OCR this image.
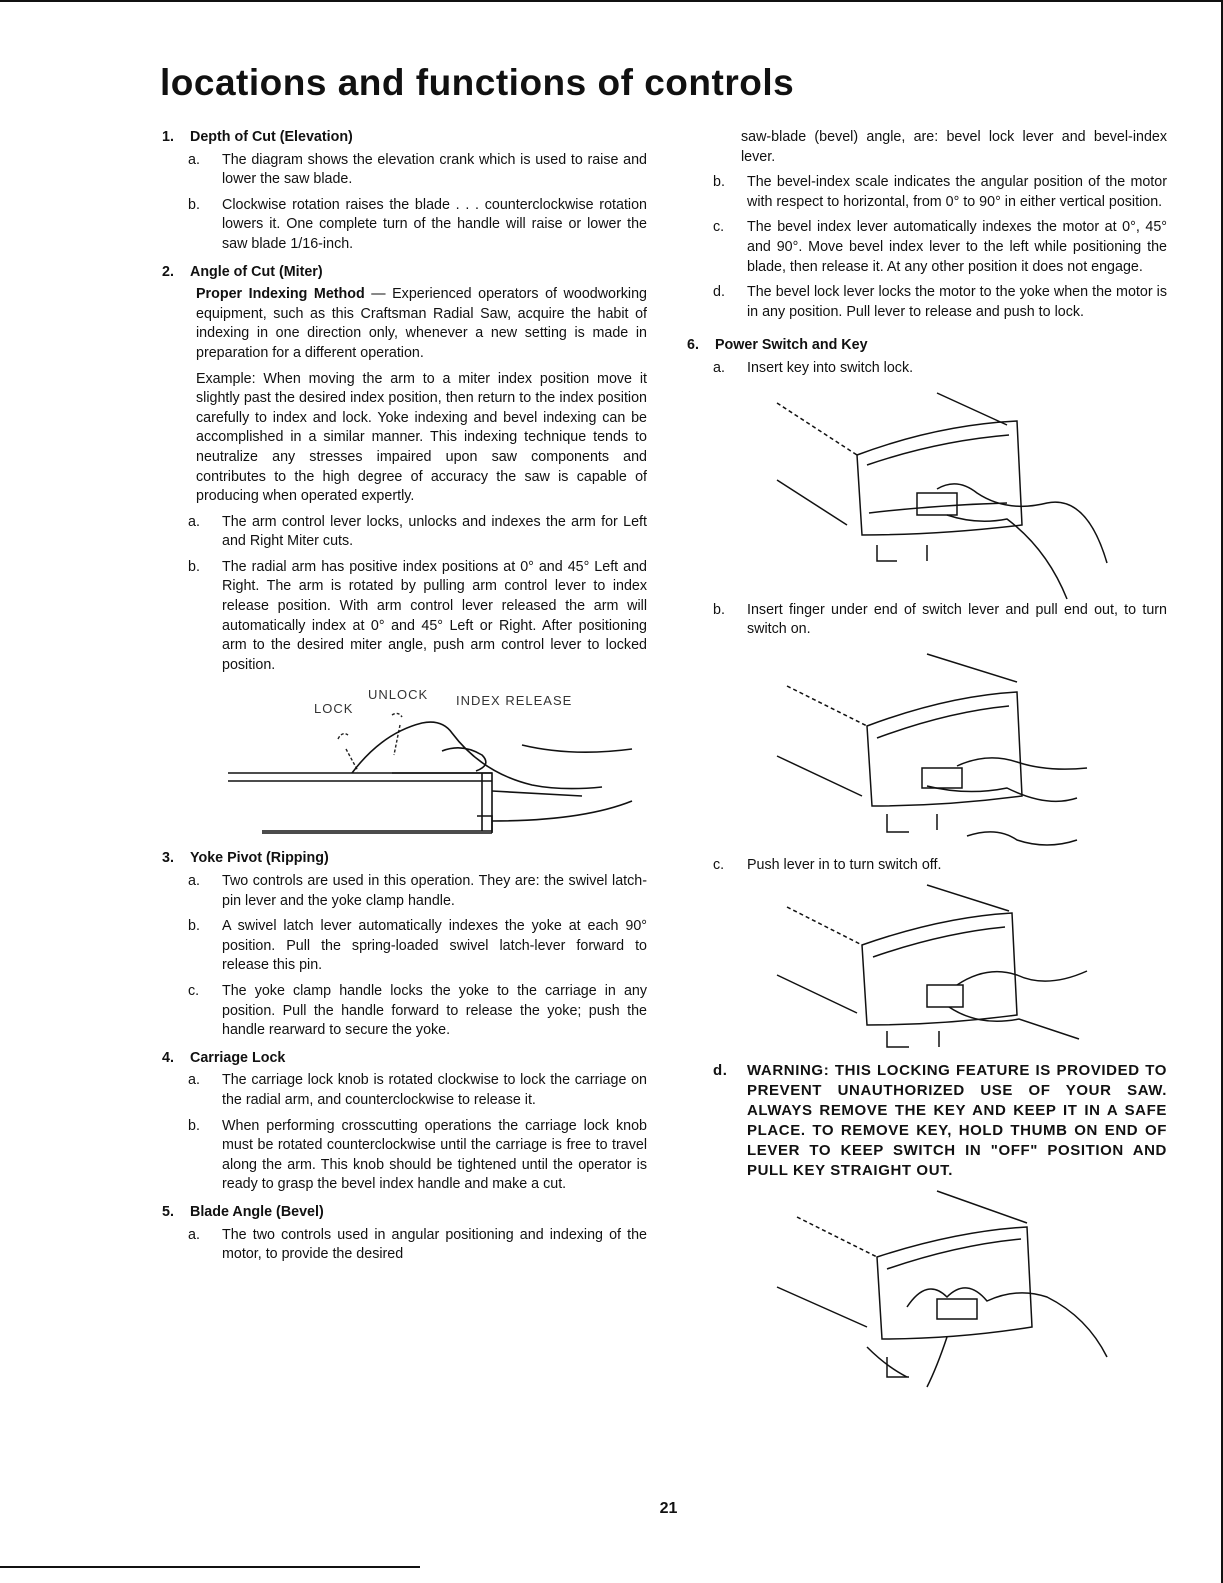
locations and functions of controls
1.	Depth of Cut (Elevation)
a.	The diagram shows the elevation crank which is used to raise and lower the saw blade.
b.	Clockwise rotation raises the blade . . . counterclockwise rotation lowers it. One complete turn of the handle will raise or lower the saw blade 1/16-inch.
2.	Angle of Cut (Miter)

Proper Indexing Method — Experienced operators of woodworking equipment, such as this Craftsman Radial Saw, acquire the habit of indexing in one direction only, whenever a new setting is made in preparation for a different operation.

Example: When moving the arm to a miter index position move it slightly past the desired index position, then return to the index position carefully to index and lock. Yoke indexing and bevel indexing can be accomplished in a similar manner. This indexing technique tends to neutralize any stresses impaired upon saw components and contributes to the high degree of accuracy the saw is capable of producing when operated expertly.

a.	The arm control lever locks, unlocks and indexes the arm for Left and Right Miter cuts.
b.	The radial arm has positive index positions at 0° and 45° Left and Right. The arm is rotated by pulling arm control lever to index release position. With arm control lever released the arm will automatically index at 0° and 45° Left or Right. After positioning arm to the desired miter angle, push arm control lever to locked position.
LOCK
UNLOCK INDEX RELEASE
3.	Yoke Pivot (Ripping)
a.	Two controls are used in this operation. They are: the swivel latch-pin lever and the yoke clamp handle.
b.	A swivel latch lever automatically indexes the yoke at each 90° position. Pull the spring-loaded swivel latch-lever forward to release this pin.
c.	The yoke clamp handle locks the yoke to the carriage in any position. Pull the handle forward to release the yoke; push the handle rearward to secure the yoke.
4.	Carriage Lock
a.	The carriage lock knob is rotated clockwise to lock the carriage on the radial arm, and counterclockwise to release it.
b.	When performing crosscutting operations the carriage lock knob must be rotated counterclockwise until the carriage is free to travel along the arm. This knob should be tightened until the operator is ready to grasp the bevel index handle and make a cut.
5.	Blade Angle (Bevel)
a.	The two controls used in angular positioning and indexing of the motor, to provide the desired
saw-blade (bevel) angle, are: bevel lock lever and bevel-index lever.
b.	The bevel-index scale indicates the angular position of the motor with respect to horizontal, from 0° to 90° in either vertical position.
c.	The bevel index lever automatically indexes the motor at 0°, 45° and 90°. Move bevel index lever to the left while positioning the blade, then release it. At any other position it does not engage.
d.	The bevel lock lever locks the motor to the yoke when the motor is in any position. Pull lever to release and push to lock.
6.	Power Switch and Key
a.	Insert key into switch lock.
b.	Insert finger under end of switch lever and pull end out, to turn switch on.
c.	Push lever in to turn switch off.
d.	WARNING: THIS LOCKING FEATURE IS PROVIDED TO PREVENT UNAUTHORIZED USE OF YOUR SAW. ALWAYS REMOVE THE KEY AND KEEP IT IN A SAFE PLACE. TO REMOVE KEY, HOLD THUMB ON END OF LEVER TO KEEP SWITCH IN "OFF" POSITION AND PULL KEY STRAIGHT OUT.
21
